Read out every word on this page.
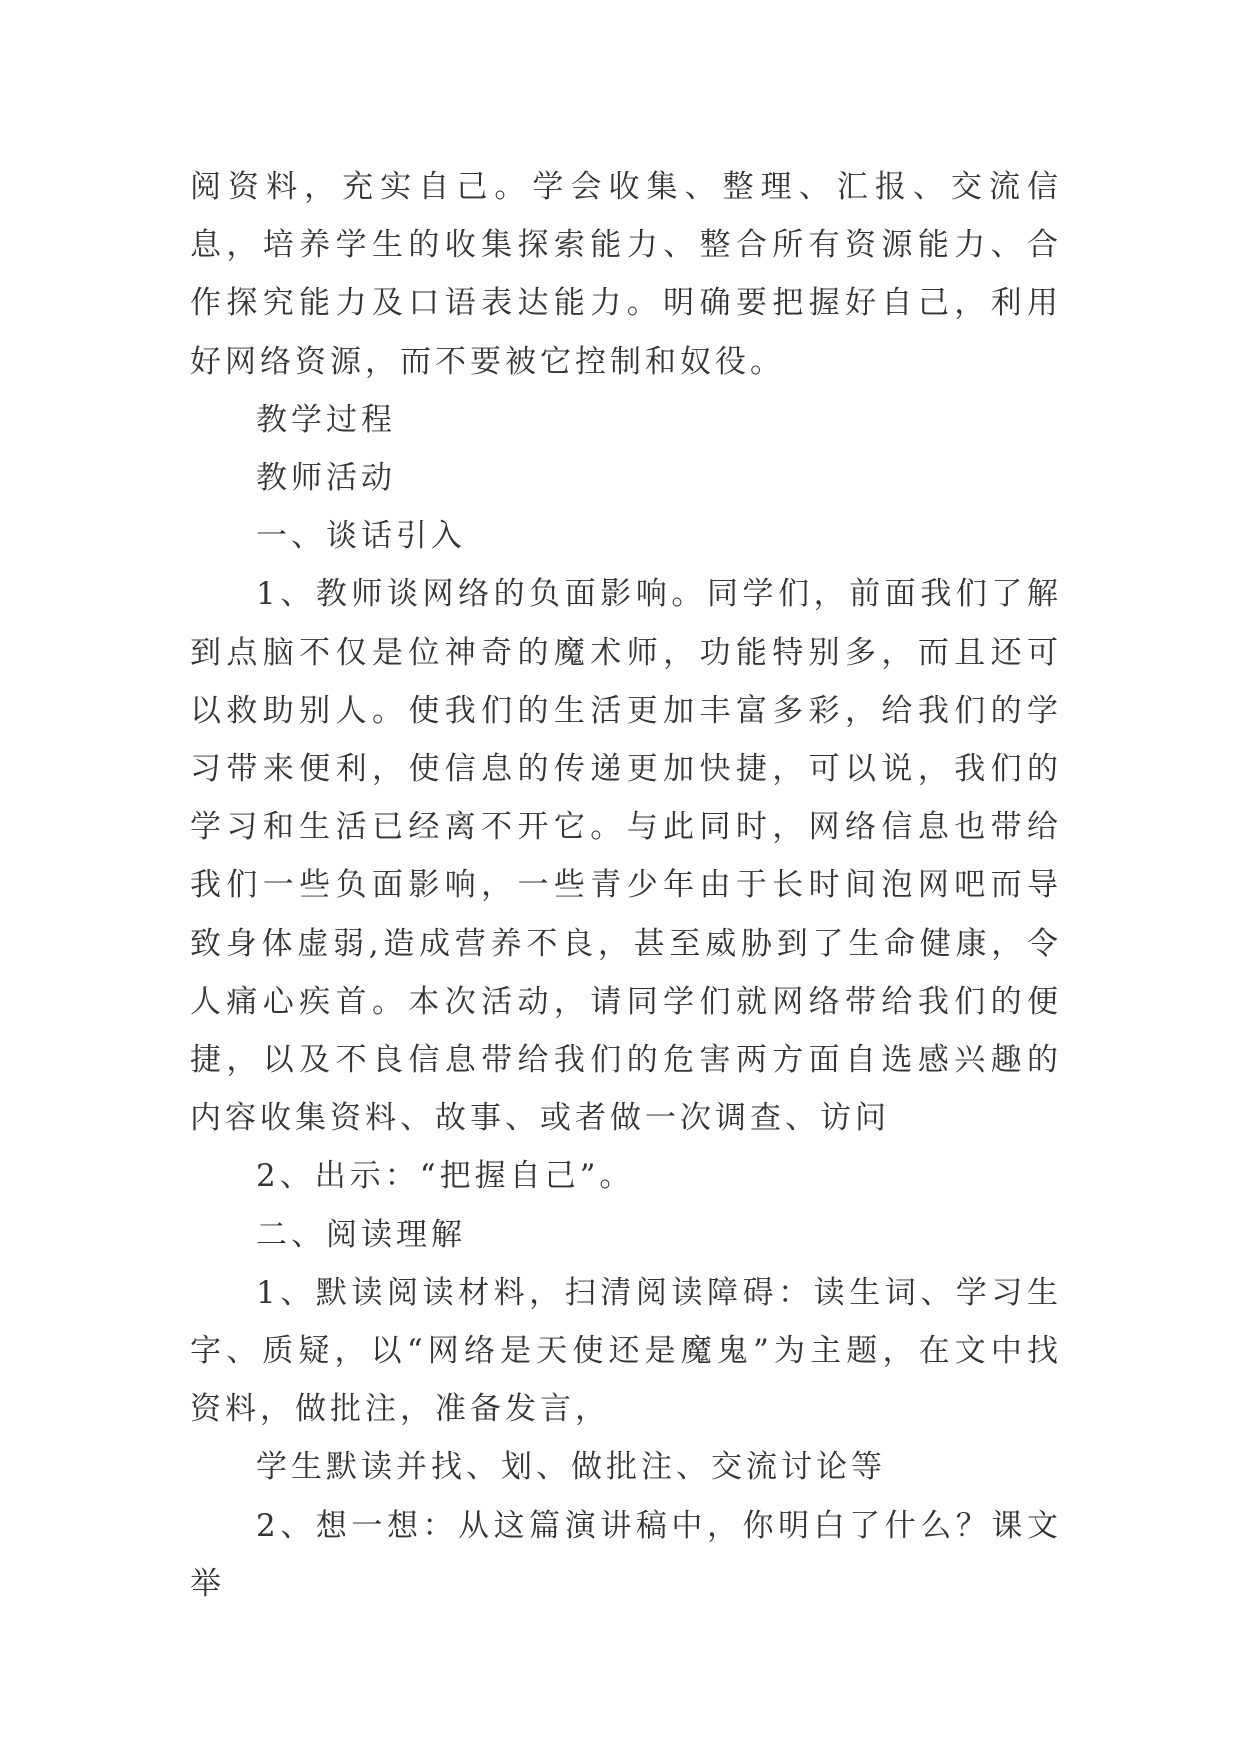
阅资料，充实自己。学会收集、整理、汇报、交流信息，培养学生的收集探索能力、整合所有资源能力、合作探究能力及口语表达能力。明确要把握好自己，利用好网络资源，而不要被它控制和奴役。

教学过程

教师活动

一、谈话引入

1、教师谈网络的负面影响。同学们，前面我们了解到点脑不仅是位神奇的魔术师，功能特别多，而且还可以救助别人。使我们的生活更加丰富多彩，给我们的学习带来便利，使信息的传递更加快捷，可以说，我们的学习和生活已经离不开它。与此同时，网络信息也带给我们一些负面影响，一些青少年由于长时间泡网吧而导致身体虚弱,造成营养不良，甚至威胁到了生命健康，令人痛心疾首。本次活动，请同学们就网络带给我们的便捷，以及不良信息带给我们的危害两方面自选感兴趣的内容收集资料、故事、或者做一次调查、访问

2、出示：“把握自己”。

二、阅读理解

1、默读阅读材料，扫清阅读障碍：读生词、学习生字、质疑，以“网络是天使还是魔鬼”为主题，在文中找资料，做批注，准备发言，

学生默读并找、划、做批注、交流讨论等

2、想一想：从这篇演讲稿中，你明白了什么？课文举
